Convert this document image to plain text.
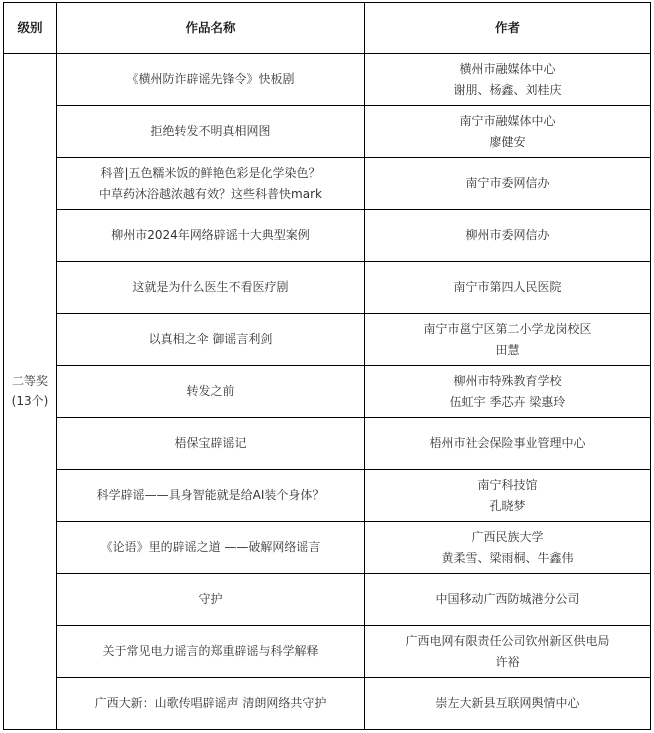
级别	作品名称	作者

二等奖
(13个)	《横州防诈辟谣先锋令》快板剧	横州市融媒体中心
谢朋、杨鑫、刘桂庆

	拒绝转发不明真相网图	南宁市融媒体中心
廖健安

	科普|五色糯米饭的鲜艳色彩是化学染色？
中草药沐浴越浓越有效？这些科普快mark	南宁市委网信办

	柳州市2024年网络辟谣十大典型案例	柳州市委网信办

	这就是为什么医生不看医疗剧	南宁市第四人民医院

	以真相之伞 御谣言利剑	南宁市邕宁区第二小学龙岗校区
田慧

	转发之前	柳州市特殊教育学校
伍虹宇 季芯卉 梁惠玲

	梧保宝辟谣记	梧州市社会保险事业管理中心

	科学辟谣——具身智能就是给AI装个身体？	南宁科技馆
孔晓梦

	《论语》里的辟谣之道 ——破解网络谣言	广西民族大学
黄柔雪、梁雨桐、牛鑫伟

	守护	中国移动广西防城港分公司

	关于常见电力谣言的郑重辟谣与科学解释	广西电网有限责任公司钦州新区供电局
许裕

	广西大新：山歌传唱辟谣声 清朗网络共守护	崇左大新县互联网舆情中心
